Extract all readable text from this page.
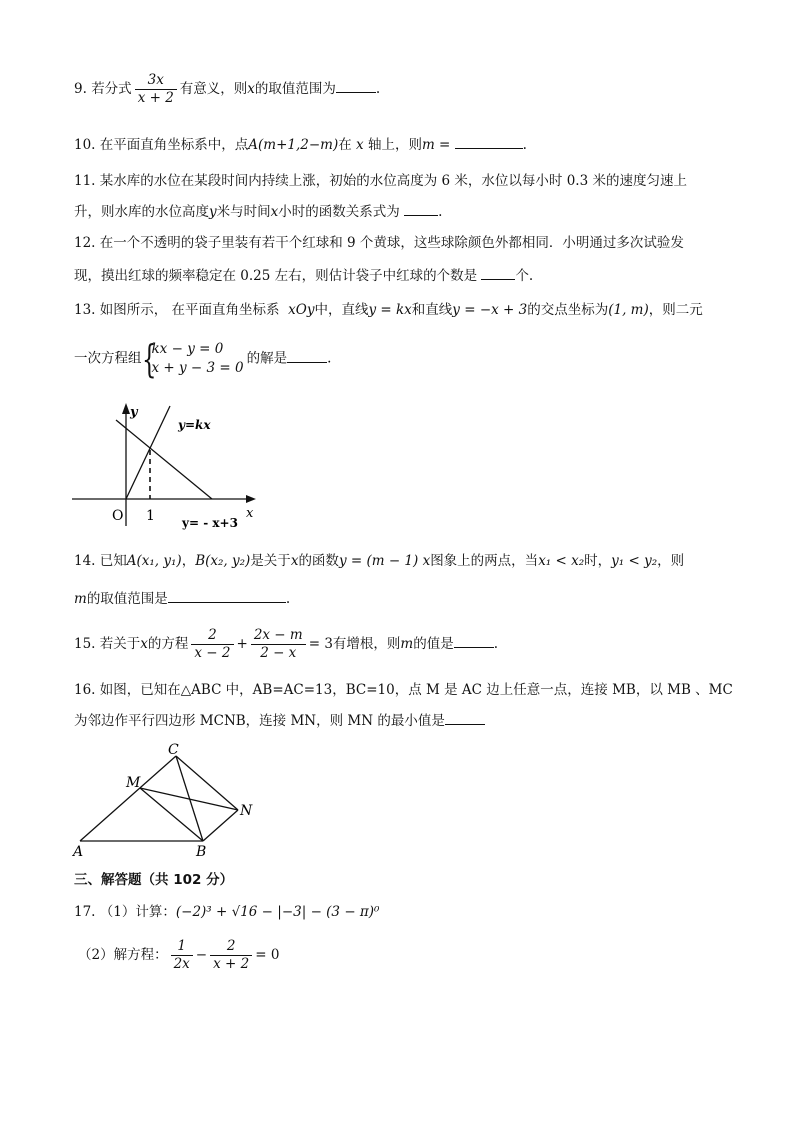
9. 若分式 $\frac{3x}{x + 2}$ 有意义，则x的取值范围为	.
10. 在平面直角坐标系中，点A(m+1,2−m)在 x 轴上，则m =	.
11. 某水库的水位在某段时间内持续上涨，初始的水位高度为 6 米，水位以每小时 0.3 米的速度匀速上
升，则水库的水位高度y米与时间x小时的函数关系式为	.
12. 在一个不透明的袋子里装有若干个红球和 9 个黄球，这些球除颜色外都相同．小明通过多次试验发
现，摸出红球的频率稳定在 0.25 左右，则估计袋子中红球的个数是	个.
13. 如图所示， 在平面直角坐标系 xOy中，直线y = kx和直线y = −x + 3的交点坐标为(1, m)，则二元
一次方程组 {
kx − y = 0
x + y − 3 = 0
的解是	.
y
x
O 1
y=kx
y= - x+3
14. 已知A(x₁, y₁)，B(x₂, y₂)是关于x的函数y = (m − 1) x图象上的两点，当x₁ < x₂时，y₁ < y₂，则
m的取值范围是	.
15. 若关于x的方程 $\frac{2}{x - 2} + \frac{2x - m}{2 - x} = 3$有增根，则m的值是	.
16. 如图，已知在△ABC 中，AB=AC=13，BC=10，点 M 是 AC 边上任意一点，连接 MB，以 MB 、MC
为邻边作平行四边形 MCNB，连接 MN，则 MN 的最小值是
C
M
N
A	B
三、解答题（共 102 分）
17. （1）计算：(−2)³ + √16 − |−3| − (3 − π)⁰
（2）解方程： $\frac{1}{2x} - \frac{2}{x + 2} = 0$
